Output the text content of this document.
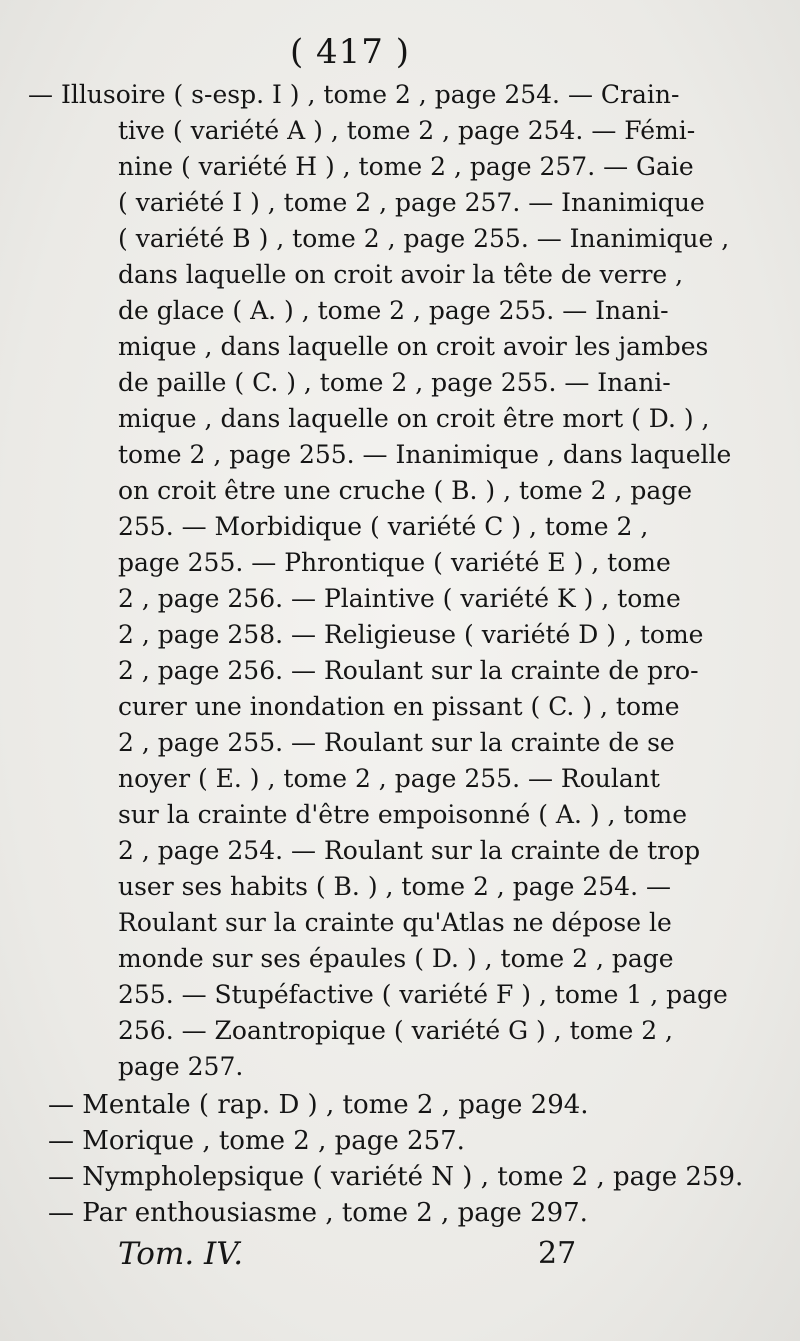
( 417 )
— Illusoire ( s-esp. I ) , tome 2 , page 254. — Crain-
tive ( variété A ) , tome 2 , page 254. — Fémi-
nine ( variété H ) , tome 2 , page 257. — Gaie
( variété I ) , tome 2 , page 257. — Inanimique
( variété B ) , tome 2 , page 255. — Inanimique ,
dans laquelle on croit avoir la tête de verre ,
de glace ( A. ) , tome 2 , page 255. — Inani-
mique , dans laquelle on croit avoir les jambes
de paille ( C. ) , tome 2 , page 255. — Inani-
mique , dans laquelle on croit être mort ( D. ) ,
tome 2 , page 255. — Inanimique , dans laquelle
on croit être une cruche ( B. ) , tome 2 , page
255. — Morbidique ( variété C ) , tome 2 ,
page 255. — Phrontique ( variété E ) , tome
2 , page 256. — Plaintive ( variété K ) , tome
2 , page 258. — Religieuse ( variété D ) , tome
2 , page 256. — Roulant sur la crainte de pro-
curer une inondation en pissant ( C. ) , tome
2 , page 255. — Roulant sur la crainte de se
noyer ( E. ) , tome 2 , page 255. — Roulant
sur la crainte d'être empoisonné ( A. ) , tome
2 , page 254. — Roulant sur la crainte de trop
user ses habits ( B. ) , tome 2 , page 254. —
Roulant sur la crainte qu'Atlas ne dépose le
monde sur ses épaules ( D. ) , tome 2 , page
255. — Stupéfactive ( variété F ) , tome 1 , page
256. — Zoantropique ( variété G ) , tome 2 ,
page 257.
— Mentale ( rap. D ) , tome 2 , page 294.
— Morique , tome 2 , page 257.
— Nympholepsique ( variété N ) , tome 2 , page 259.
— Par enthousiasme , tome 2 , page 297.
Tom. IV.	27
